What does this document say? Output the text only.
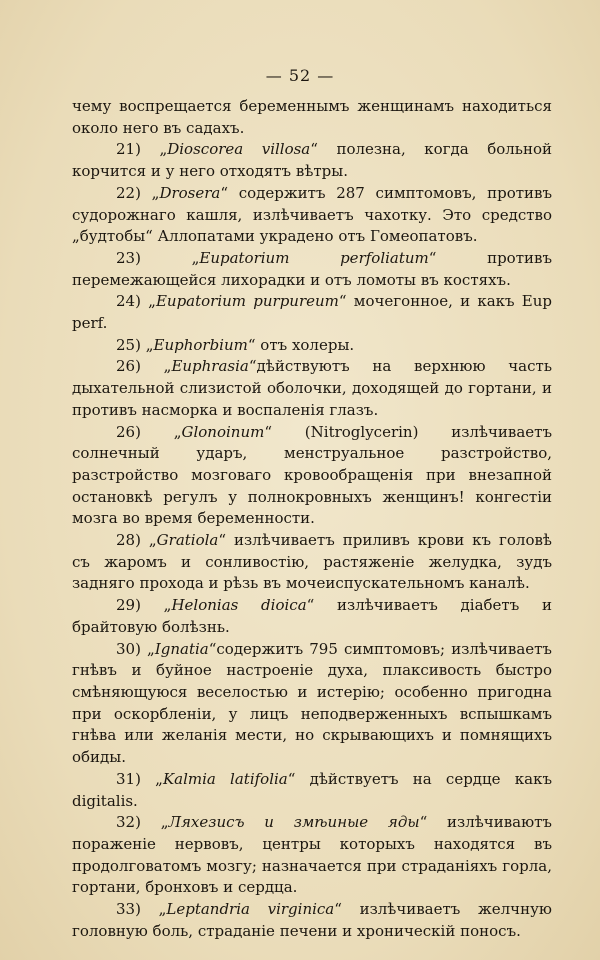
— 52 —

чему воспрещается беременнымъ женщинамъ находиться около него въ садахъ.

21) „Dioscorea villosa“ полезна, когда больной корчится и у него отходятъ вѣтры.

22) „Drosera“ содержитъ 287 симптомовъ, противъ судорожнаго кашля, излѣчиваетъ чахотку. Это средство „будтобы“ Аллопатами украдено отъ Гомеопатовъ.

23) „Eupatorium perfoliatum“ противъ перемежающейся лихорадки и отъ ломоты въ костяхъ.

24) „Eupatorium purpureum“ мочегонное, и какъ Eup perf.

25) „Euphorbium“ отъ холеры.

26) „Euphrasia“дѣйствуютъ на верхнюю часть дыхательной слизистой оболочки, доходящей до гортани, и противъ насморка и воспаленія глазъ.

26) „Glonoinum“ (Nitroglycerin) излѣчиваетъ солнечный ударъ, менструальное разстройство, разстройство мозговаго кровообращенія при внезапной остановкѣ регулъ у полнокровныхъ женщинъ! конгестіи мозга во время беременности.

28) „Gratiola“ излѣчиваетъ приливъ крови къ головѣ съ жаромъ и сонливостію, растяженіе желудка, зудъ задняго прохода и рѣзь въ мочеиспускательномъ каналѣ.

29) „Helonias dioica“ излѣчиваетъ діабетъ и брайтовую болѣзнь.

30) „Ignatia“содержитъ 795 симптомовъ; излѣчиваетъ гнѣвъ и буйное настроеніе духа, плаксивость быстро смѣняющуюся веселостью и истерію; особенно пригодна при оскорбленіи, у лицъ неподверженныхъ вспышкамъ гнѣва или желанія мести, но скрывающихъ и помнящихъ обиды.

31) „Kalmia latifolia“ дѣйствуетъ на сердце какъ digitalis.

32) „Ляхезисъ и змѣиные яды“ излѣчиваютъ пораженіе нервовъ, центры которыхъ находятся въ продолговатомъ мозгу; назначается при страданіяхъ горла, гортани, бронховъ и сердца.

33) „Leptandria virginica“ излѣчиваетъ желчную головную боль, страданіе печени и хроническій поносъ.
